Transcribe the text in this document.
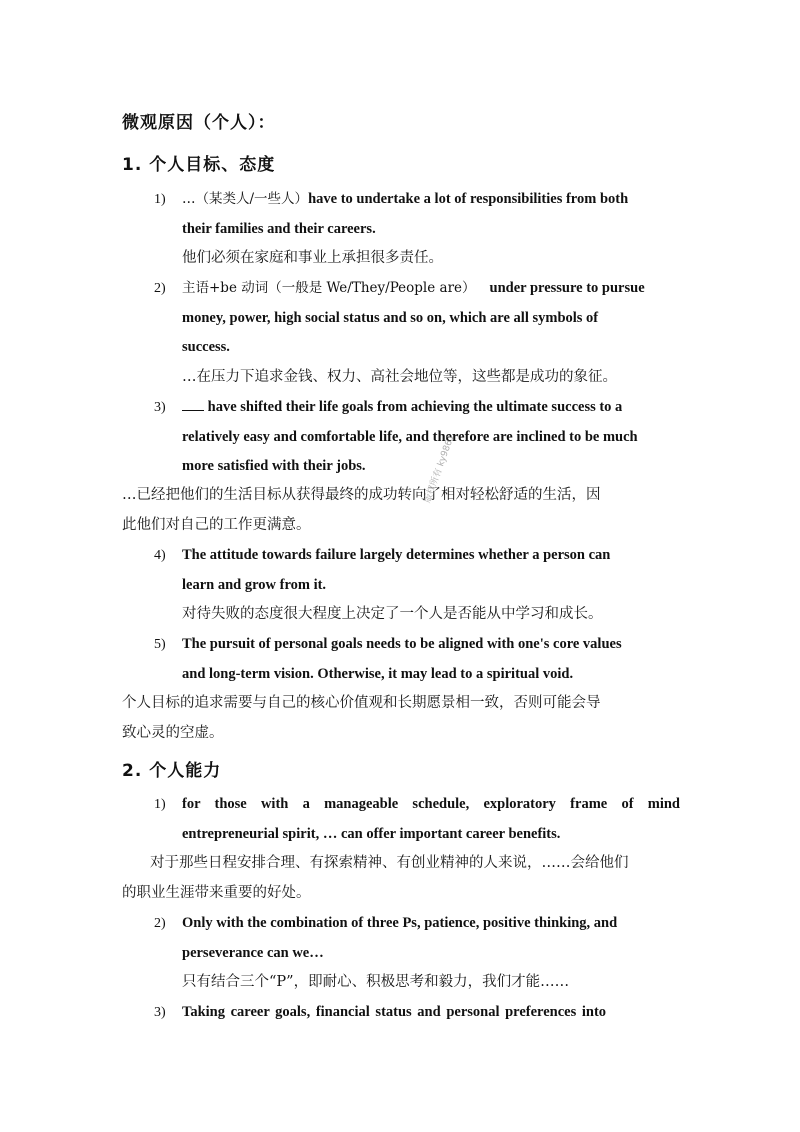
微观原因（个人）：
1. 个人目标、态度
1) …（某类人/一些人）have to undertake a lot of responsibilities from both
their families and their careers.
他们必须在家庭和事业上承担很多责任。
2) 主语+be 动词（一般是 We/They/People are） under pressure to pursue
money, power, high social status and so on, which are all symbols of
success.
…在压力下追求金钱、权力、高社会地位等，这些都是成功的象征。
3)	have shifted their life goals from achieving the ultimate success to a
relatively easy and comfortable life, and therefore are inclined to be much
more satisfied with their jobs.
…已经把他们的生活目标从获得最终的成功转向了相对轻松舒适的生活，因
此他们对自己的工作更满意。
4) The attitude towards failure largely determines whether a person can
learn and grow from it.
对待失败的态度很大程度上决定了一个人是否能从中学习和成长。
5) The pursuit of personal goals needs to be aligned with one's core values
and long-term vision. Otherwise, it may lead to a spiritual void.
个人目标的追求需要与自己的核心价值观和长期愿景相一致，否则可能会导
致心灵的空虚。
2. 个人能力
1) for those with a manageable schedule, exploratory frame of mind
entrepreneurial spirit, … can offer important career benefits.
对于那些日程安排合理、有探索精神、有创业精神的人来说，……会给他们
的职业生涯带来重要的好处。
2) Only with the combination of three Ps, patience, positive thinking, and
perseverance can we…
只有结合三个“P”，即耐心、积极思考和毅力，我们才能……
3) Taking career goals, financial status and personal preferences into
版权所有 ky9861
